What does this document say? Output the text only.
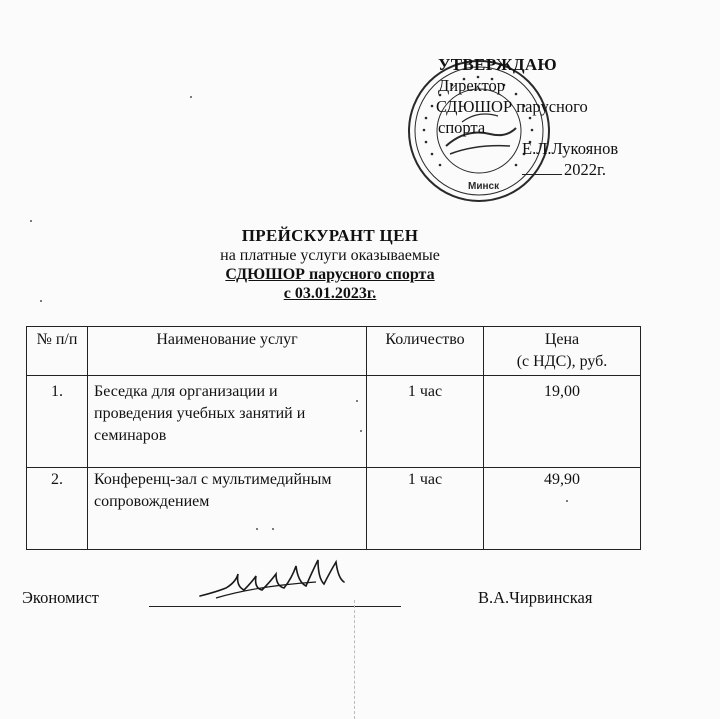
Минск
УТВЕРЖДАЮ
Директор
СДЮШОР парусного
спорта
Е.Л.Лукоянов
2022г.
ПРЕЙСКУРАНТ ЦЕН
на платные услуги оказываемые
СДЮШОР парусного спорта
с 03.01.2023г.
№ п/п	Наименование услуг	Количество	Цена
(с НДС), руб.
1.	Беседка для организации и проведения учебных занятий и семинаров	1 час	19,00
2.	Конференц-зал с мультимедийным сопровождением	1 час	49,90
Экономист	В.А.Чирвинская
